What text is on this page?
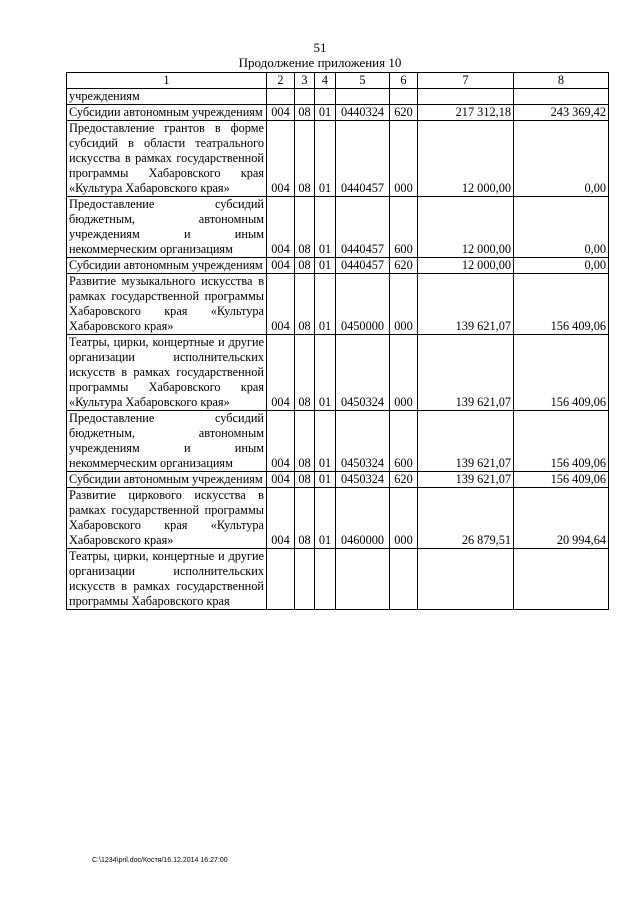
51
Продолжение приложения 10
1	2	3	4	5	6	7	8
учреждениям							
Субсидии автономным учреждениям	004	08	01	0440324	620	217 312,18	243 369,42
Предоставление грантов в форме субсидий в области театрального искусства в рамках государственной программы Хабаровского края «Культура Хабаровского края»	004	08	01	0440457	000	12 000,00	0,00
Предоставление субсидий бюджетным, автономным учреждениям и иным некоммерческим организациям	004	08	01	0440457	600	12 000,00	0,00
Субсидии автономным учреждениям	004	08	01	0440457	620	12 000,00	0,00
Развитие музыкального искусства в рамках государственной программы Хабаровского края «Культура Хабаровского края»	004	08	01	0450000	000	139 621,07	156 409,06
Театры, цирки, концертные и другие организации исполнительских искусств в рамках государственной программы Хабаровского края «Культура Хабаровского края»	004	08	01	0450324	000	139 621,07	156 409,06
Предоставление субсидий бюджетным, автономным учреждениям и иным некоммерческим организациям	004	08	01	0450324	600	139 621,07	156 409,06
Субсидии автономным учреждениям	004	08	01	0450324	620	139 621,07	156 409,06
Развитие циркового искусства в рамках государственной программы Хабаровского края «Культура Хабаровского края»	004	08	01	0460000	000	26 879,51	20 994,64
Театры, цирки, концертные и другие организации исполнительских искусств в рамках государственной программы Хабаровского края							
C:\1234\pril.doc/Костя/16.12.2014 16:27:00
